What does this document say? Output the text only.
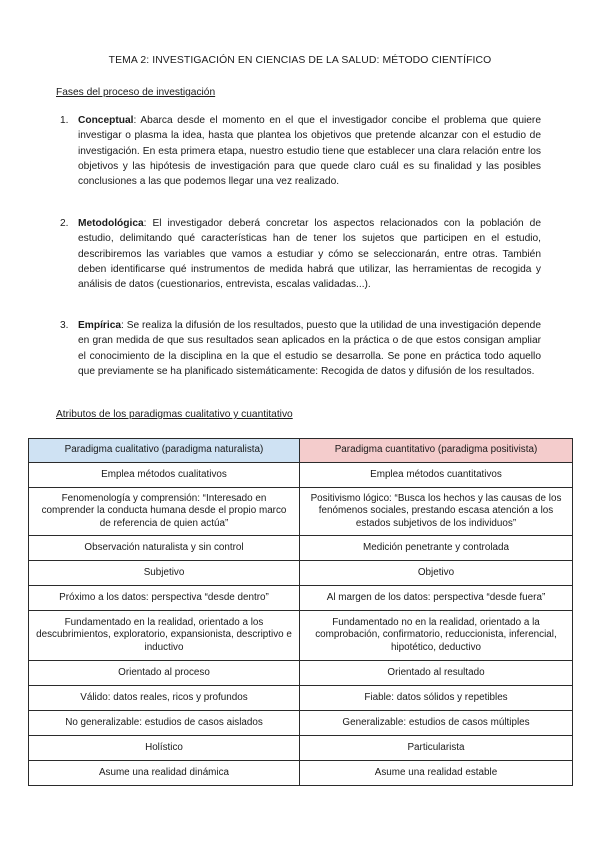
TEMA 2: INVESTIGACIÓN EN CIENCIAS DE LA SALUD: MÉTODO CIENTÍFICO
Fases del proceso de investigación
1. Conceptual: Abarca desde el momento en el que el investigador concibe el problema que quiere investigar o plasma la idea, hasta que plantea los objetivos que pretende alcanzar con el estudio de investigación. En esta primera etapa, nuestro estudio tiene que establecer una clara relación entre los objetivos y las hipótesis de investigación para que quede claro cuál es su finalidad y las posibles conclusiones a las que podemos llegar una vez realizado.
2. Metodológica: El investigador deberá concretar los aspectos relacionados con la población de estudio, delimitando qué características han de tener los sujetos que participen en el estudio, describiremos las variables que vamos a estudiar y cómo se seleccionarán, entre otras. También deben identificarse qué instrumentos de medida habrá que utilizar, las herramientas de recogida y análisis de datos (cuestionarios, entrevista, escalas validadas...).
3. Empírica: Se realiza la difusión de los resultados, puesto que la utilidad de una investigación depende en gran medida de que sus resultados sean aplicados en la práctica o de que estos consigan ampliar el conocimiento de la disciplina en la que el estudio se desarrolla. Se pone en práctica todo aquello que previamente se ha planificado sistemáticamente: Recogida de datos y difusión de los resultados.
Atributos de los paradigmas cualitativo y cuantitativo
Paradigma cualitativo (paradigma naturalista)	Paradigma cuantitativo (paradigma positivista)
Emplea métodos cualitativos	Emplea métodos cuantitativos
Fenomenología y comprensión: “Interesado en comprender la conducta humana desde el propio marco de referencia de quien actúa”	Positivismo lógico: “Busca los hechos y las causas de los fenómenos sociales, prestando escasa atención a los estados subjetivos de los individuos”
Observación naturalista y sin control	Medición penetrante y controlada
Subjetivo	Objetivo
Próximo a los datos: perspectiva “desde dentro”	Al margen de los datos: perspectiva “desde fuera”
Fundamentado en la realidad, orientado a los descubrimientos, exploratorio, expansionista, descriptivo e inductivo	Fundamentado no en la realidad, orientado a la comprobación, confirmatorio, reduccionista, inferencial, hipotético, deductivo
Orientado al proceso	Orientado al resultado
Válido: datos reales, ricos y profundos	Fiable: datos sólidos y repetibles
No generalizable: estudios de casos aislados	Generalizable: estudios de casos múltiples
Holístico	Particularista
Asume una realidad dinámica	Asume una realidad estable
